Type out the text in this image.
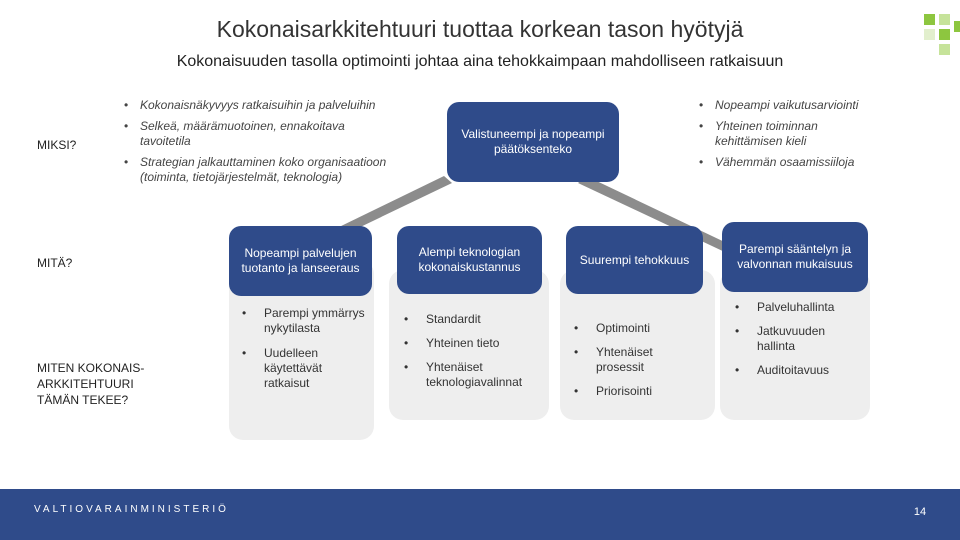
Kokonaisarkkitehtuuri tuottaa korkean tason hyötyjä
Kokonaisuuden tasolla optimointi johtaa aina tehokkaimpaan mahdolliseen ratkaisuun
MIKSI?
MITÄ?
MITEN KOKONAIS-ARKKITEHTUURI TÄMÄN TEKEE?
• Kokonaisnäkyvyys ratkaisuihin ja palveluihin
• Selkeä, määrämuotoinen, ennakoitava tavoitetila
• Strategian jalkauttaminen koko organisaatioon (toiminta, tietojärjestelmät, teknologia)
• Nopeampi vaikutusarviointi
• Yhteinen toiminnan kehittämisen kieli
• Vähemmän osaamissiiloja
Valistuneempi ja nopeampi päätöksenteko
Nopeampi palvelujen tuotanto ja lanseeraus
Alempi teknologian kokonaiskustannus
Suurempi tehokkuus
Parempi sääntelyn ja valvonnan mukaisuus
• Parempi ymmärrys nykytilasta
• Uudelleen käytettävät ratkaisut
• Standardit
• Yhteinen tieto
• Yhtenäiset teknologiavalinnat
• Optimointi
• Yhtenäiset prosessit
• Priorisointi
• Palveluhallinta
• Jatkuvuuden hallinta
• Auditoitavuus
VALTIOVARAINMINISTERIÖ	14
